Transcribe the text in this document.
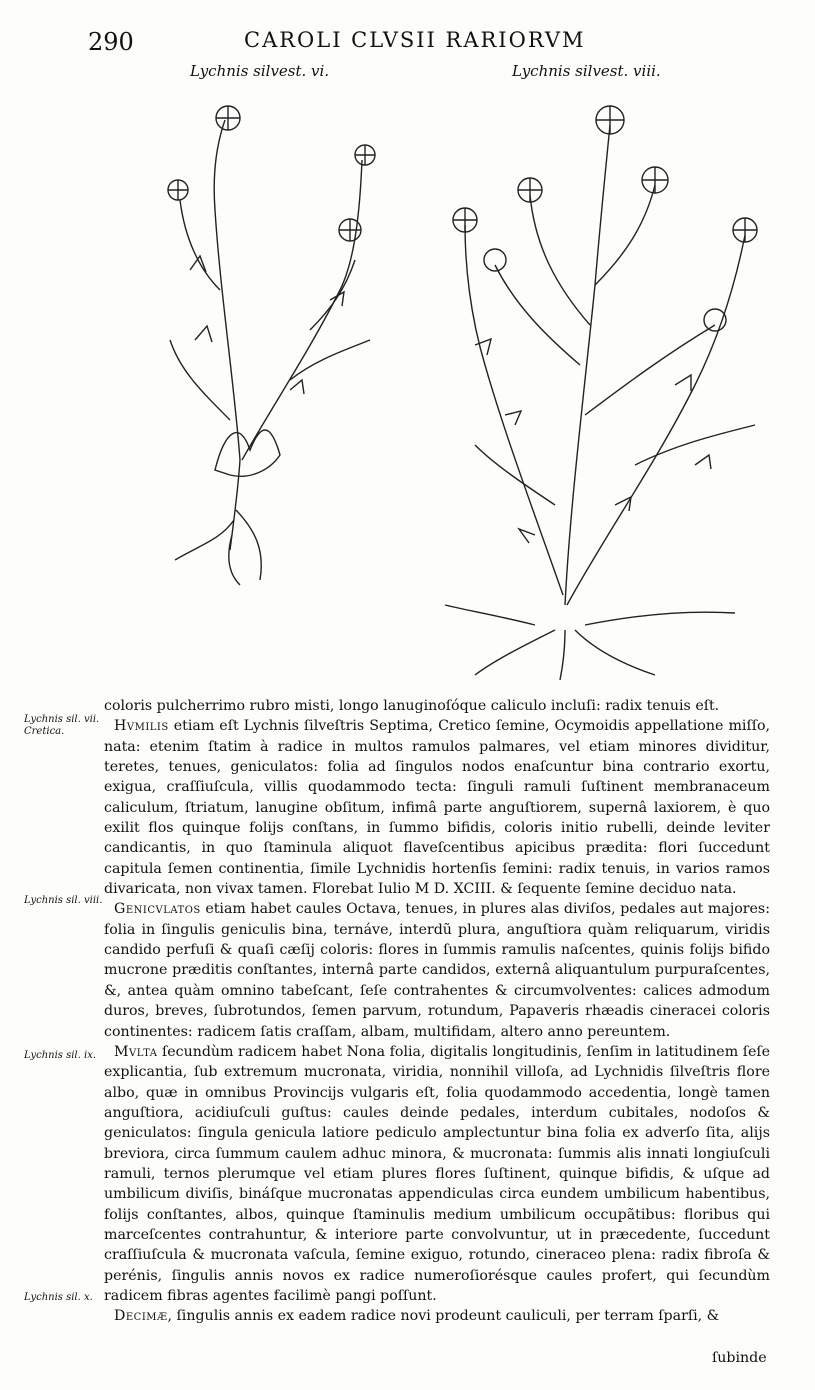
290	CAROLI CLVSII RARIORVM
Lychnis silvest. vi.	Lychnis silvest. viii.
Lychnis sil. vii. Cretica.
Lychnis sil. viii.
Lychnis sil. ix.
Lychnis sil. x.

coloris pulcherrimo rubro misti, longo lanuginoſóque caliculo incluſi: radix tenuis eſt.

Hvmilis etiam eſt Lychnis ſilveſtris Septima, Cretico ſemine, Ocymoidis appellatione miſſo, nata: etenim ſtatim à radice in multos ramulos palmares, vel etiam minores dividitur, teretes, tenues, geniculatos: folia ad ſingulos nodos enaſcuntur bina contrario exortu, exigua, craſſiuſcula, villis quodammodo tecta: ſinguli ramuli ſuſtinent membranaceum caliculum, ſtriatum, lanugine obſitum, infimâ parte anguſtiorem, supernâ laxiorem, è quo exilit flos quinque folijs conſtans, in ſummo bifidis, coloris initio rubelli, deinde leviter candicantis, in quo ſtaminula aliquot flaveſcentibus apicibus prædita: flori ſuccedunt capitula ſemen continentia, ſimile Lychnidis hortenſis ſemini: radix tenuis, in varios ramos divaricata, non vivax tamen. Florebat Iulio M D. XCIII. & ſequente ſemine deciduo nata.

Genicvlatos etiam habet caules Octava, tenues, in plures alas diviſos, pedales aut majores: folia in ſingulis geniculis bina, ternáve, interdũ plura, anguſtiora quàm reliquarum, viridis candido perfuſi & quaſi cæſij coloris: flores in ſummis ramulis naſcentes, quinis folijs bifido mucrone præditis conſtantes, internâ parte candidos, externâ aliquantulum purpuraſcentes, &, antea quàm omnino tabeſcant, ſeſe contrahentes & circumvolventes: calices admodum duros, breves, ſubrotundos, ſemen parvum, rotundum, Papaveris rhæadis cineracei coloris continentes: radicem ſatis craſſam, albam, multifidam, altero anno pereuntem.

Mvlta ſecundùm radicem habet Nona folia, digitalis longitudinis, ſenſim in latitudinem ſeſe explicantia, ſub extremum mucronata, viridia, nonnihil villoſa, ad Lychnidis ſilveſtris flore albo, quæ in omnibus Provincijs vulgaris eſt, folia quodammodo accedentia, longè tamen anguſtiora, acidiuſculi guſtus: caules deinde pedales, interdum cubitales, nodoſos & geniculatos: ſingula genicula latiore pediculo amplectuntur bina folia ex adverſo ſita, alijs breviora, circa ſummum caulem adhuc minora, & mucronata: ſummis alis innati longiuſculi ramuli, ternos plerumque vel etiam plures flores ſuſtinent, quinque bifidis, & uſque ad umbilicum diviſis, bináſque mucronatas appendiculas circa eundem umbilicum habentibus, folijs conſtantes, albos, quinque ſtaminulis medium umbilicum occupãtibus: floribus qui marceſcentes contrahuntur, & interiore parte convolvuntur, ut in præcedente, ſuccedunt craſſiuſcula & mucronata vaſcula, ſemine exiguo, rotundo, cineraceo plena: radix fibroſa & perénis, ſingulis annis novos ex radice numeroſiorésque caules profert, qui ſecundùm radicem fibras agentes facilimè pangi poſſunt.

Decimæ, ſingulis annis ex eadem radice novi prodeunt cauliculi, per terram ſparſi, &

ſubinde
